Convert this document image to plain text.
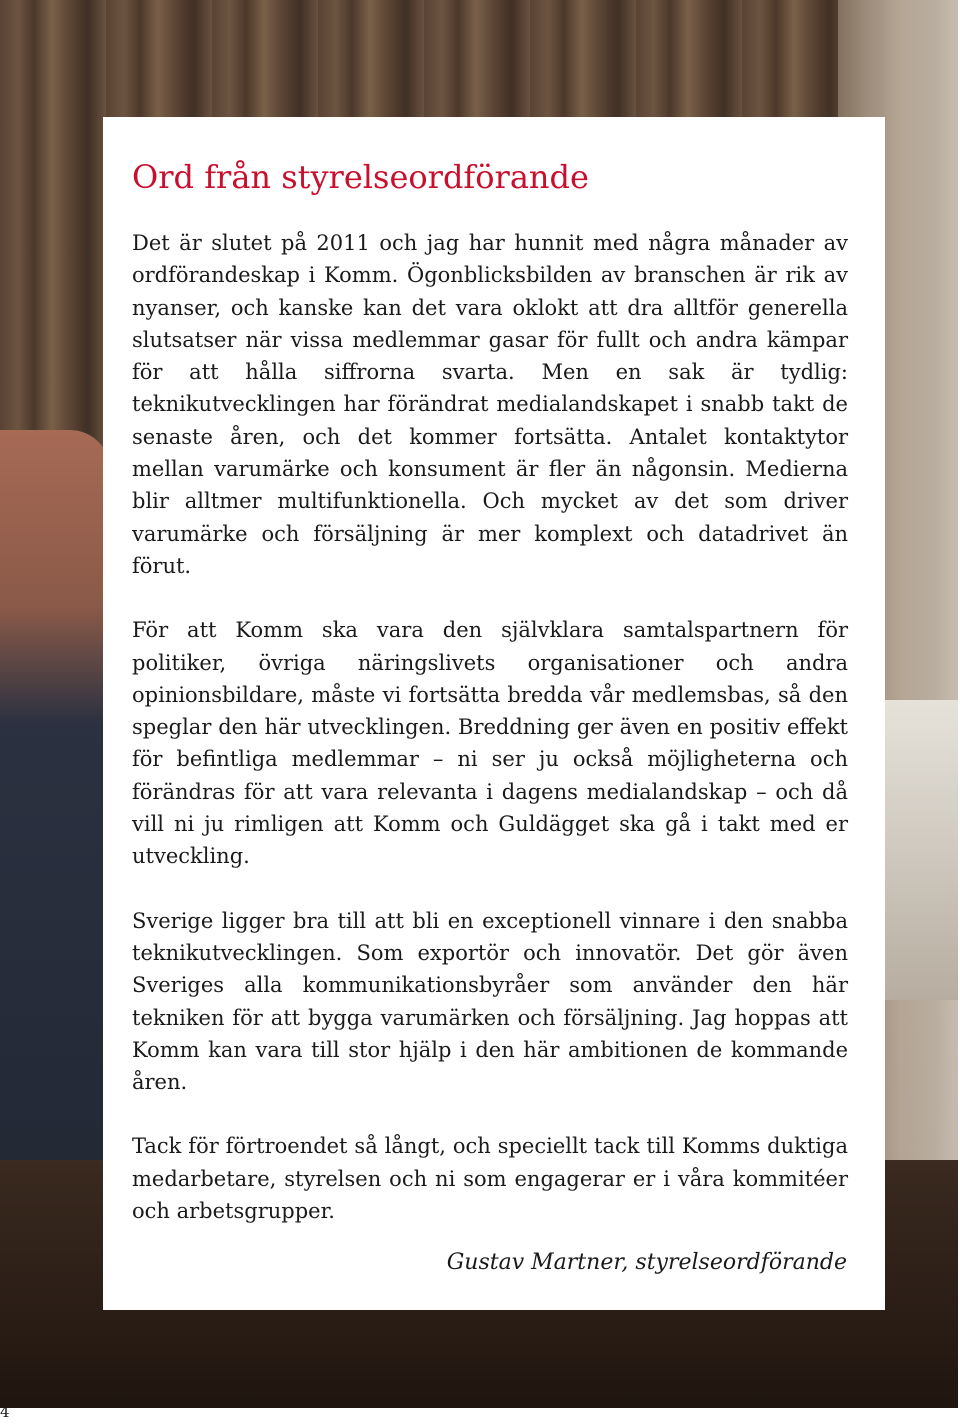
Ord från styrelseordförande

Det är slutet på 2011 och jag har hunnit med några månader av ordförandeskap i Komm. Ögonblicksbilden av branschen är rik av nyanser, och kanske kan det vara oklokt att dra alltför generella slutsatser när vissa medlemmar gasar för fullt och andra kämpar för att hålla siffrorna svarta. Men en sak är tydlig: teknikutvecklingen har förändrat medialandskapet i snabb takt de senaste åren, och det kommer fortsätta. Antalet kontaktytor mellan varumärke och konsument är fler än någonsin. Medierna blir alltmer multifunktionella. Och mycket av det som driver varumärke och försäljning är mer komplext och datadrivet än förut.

För att Komm ska vara den självklara samtalspartnern för politiker, övriga näringslivets organisationer och andra opinionsbildare, måste vi fortsätta bredda vår medlemsbas, så den speglar den här utvecklingen. Breddning ger även en positiv effekt för befintliga medlemmar – ni ser ju också möjligheterna och förändras för att vara relevanta i dagens medialandskap – och då vill ni ju rimligen att Komm och Guldägget ska gå i takt med er utveckling.

Sverige ligger bra till att bli en exceptionell vinnare i den snabba teknikutvecklingen. Som exportör och innovatör. Det gör även Sveriges alla kommunikationsbyråer som använder den här tekniken för att bygga varumärken och försäljning. Jag hoppas att Komm kan vara till stor hjälp i den här ambitionen de kommande åren.

Tack för förtroendet så långt, och speciellt tack till Komms duktiga medarbetare, styrelsen och ni som engagerar er i våra kommitéer och arbetsgrupper.

Gustav Martner, styrelseordförande

4
